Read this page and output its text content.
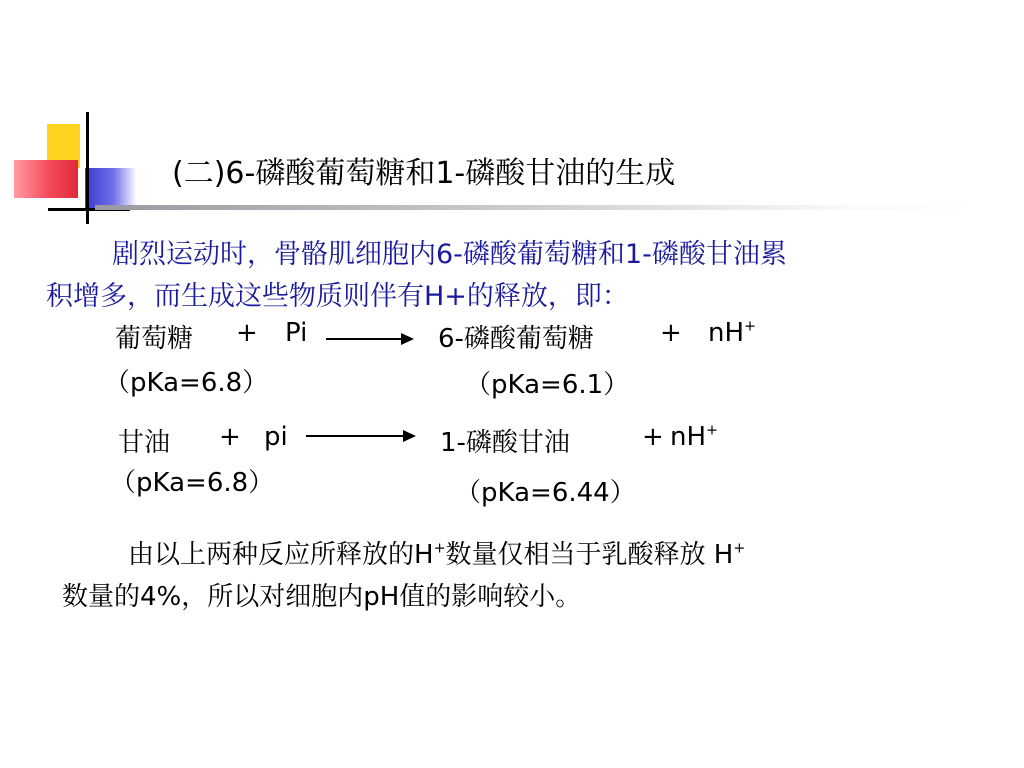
(二)6-磷酸葡萄糖和1-磷酸甘油的生成
剧烈运动时，骨骼肌细胞内6-磷酸葡萄糖和1-磷酸甘油累
积增多，而生成这些物质则伴有H+的释放，即：
葡萄糖 + Pi	6-磷酸葡萄糖	+ nH+
（pKa=6.8）	（pKa=6.1）
甘油 + pi	1-磷酸甘油	+ nH+
（pKa=6.8）	（pKa=6.44）
由以上两种反应所释放的H+数量仅相当于乳酸释放 H+
数量的4%，所以对细胞内pH值的影响较小。
